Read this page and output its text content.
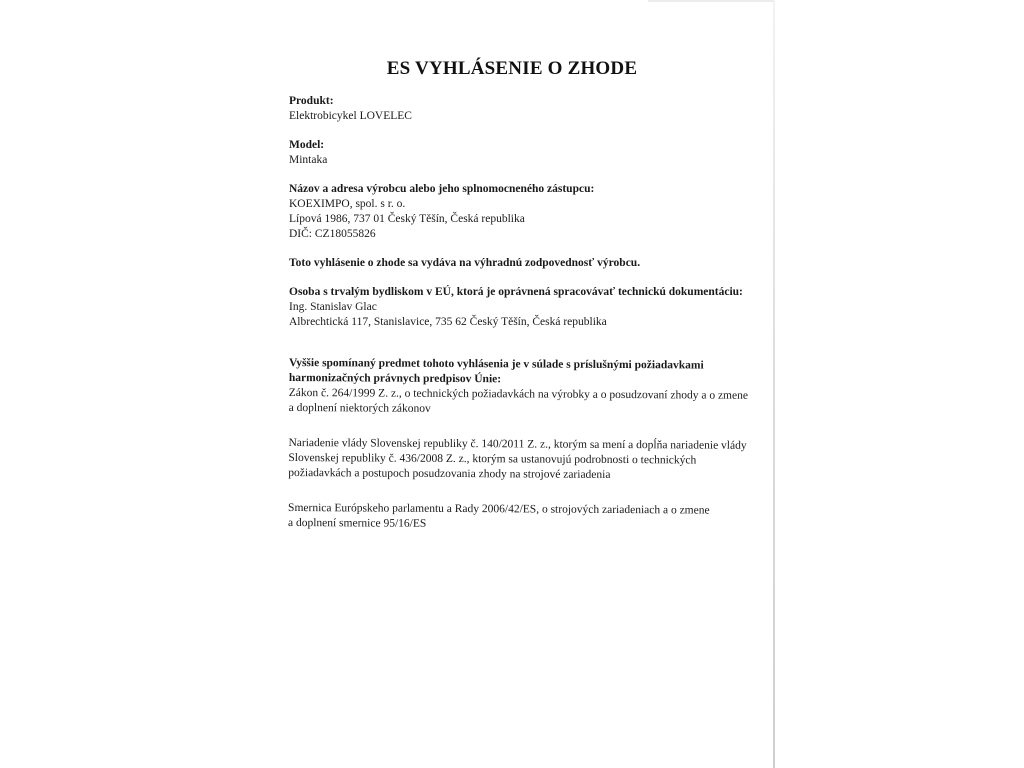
ES VYHLÁSENIE O ZHODE
Produkt:
Elektrobicykel LOVELEC
Model:
Mintaka
Názov a adresa výrobcu alebo jeho splnomocneného zástupcu:
KOEXIMPO, spol. s r. o.
Lípová 1986, 737 01 Český Těšín, Česká republika
DIČ: CZ18055826
Toto vyhlásenie o zhode sa vydáva na výhradnú zodpovednosť výrobcu.
Osoba s trvalým bydliskom v EÚ, ktorá je oprávnená spracovávať technickú dokumentáciu:
Ing. Stanislav Glac
Albrechtická 117, Stanislavice, 735 62 Český Těšín, Česká republika
Vyššie spomínaný predmet tohoto vyhlásenia je v súlade s príslušnými požiadavkami
harmonizačných právnych predpisov Únie:
Zákon č. 264/1999 Z. z., o technických požiadavkách na výrobky a o posudzovaní zhody a o zmene
a doplnení niektorých zákonov
Nariadenie vlády Slovenskej republiky č. 140/2011 Z. z., ktorým sa mení a dopĺňa nariadenie vlády
Slovenskej republiky č. 436/2008 Z. z., ktorým sa ustanovujú podrobnosti o technických
požiadavkách a postupoch posudzovania zhody na strojové zariadenia
Smernica Európskeho parlamentu a Rady 2006/42/ES, o strojových zariadeniach a o zmene
a doplnení smernice 95/16/ES
